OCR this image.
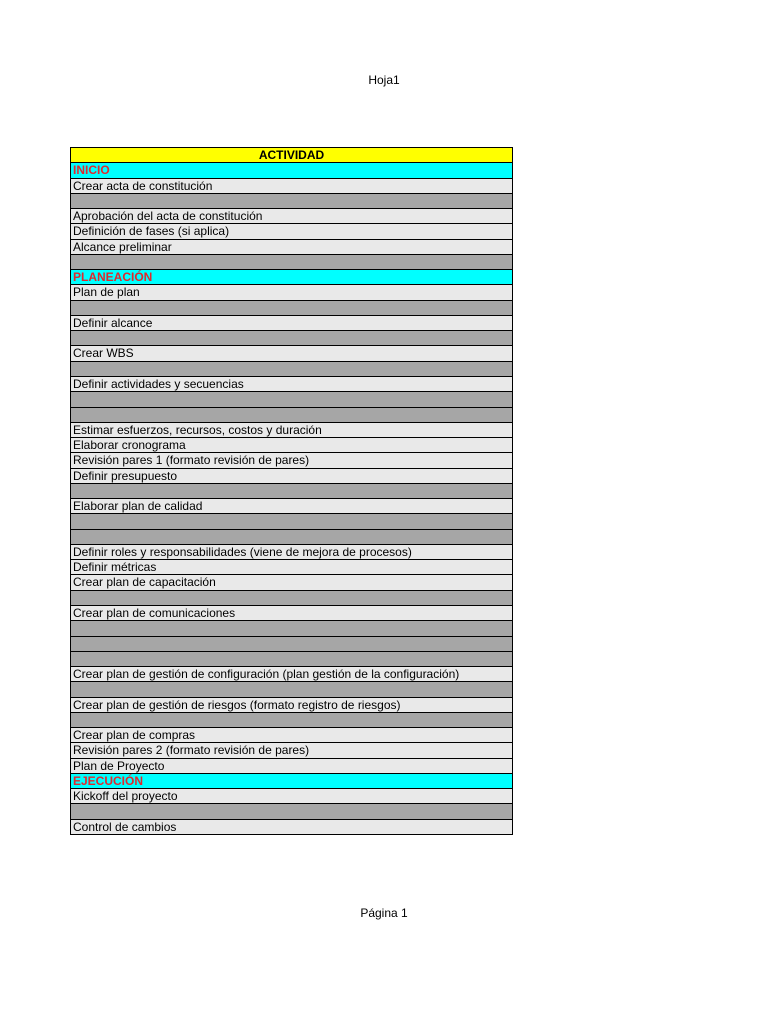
Hoja1
ACTIVIDAD
INICIO
Crear acta de constitución
Aprobación del acta de constitución
Definición de fases (si aplica)
Alcance preliminar
PLANEACIÓN
Plan de plan
Definir alcance
Crear WBS
Definir actividades y secuencias
Estimar esfuerzos, recursos, costos y duración
Elaborar cronograma
Revisión pares 1 (formato revisión de pares)
Definir presupuesto
Elaborar plan de calidad
Definir roles y responsabilidades (viene de mejora de procesos)
Definir métricas
Crear plan de capacitación
Crear plan de comunicaciones
Crear plan de gestión de configuración (plan gestión de la configuración)
Crear plan de gestión de riesgos (formato registro de riesgos)
Crear plan de compras
Revisión pares 2 (formato revisión de pares)
Plan de Proyecto
EJECUCIÓN
Kickoff del proyecto
Control de cambios
Página 1
